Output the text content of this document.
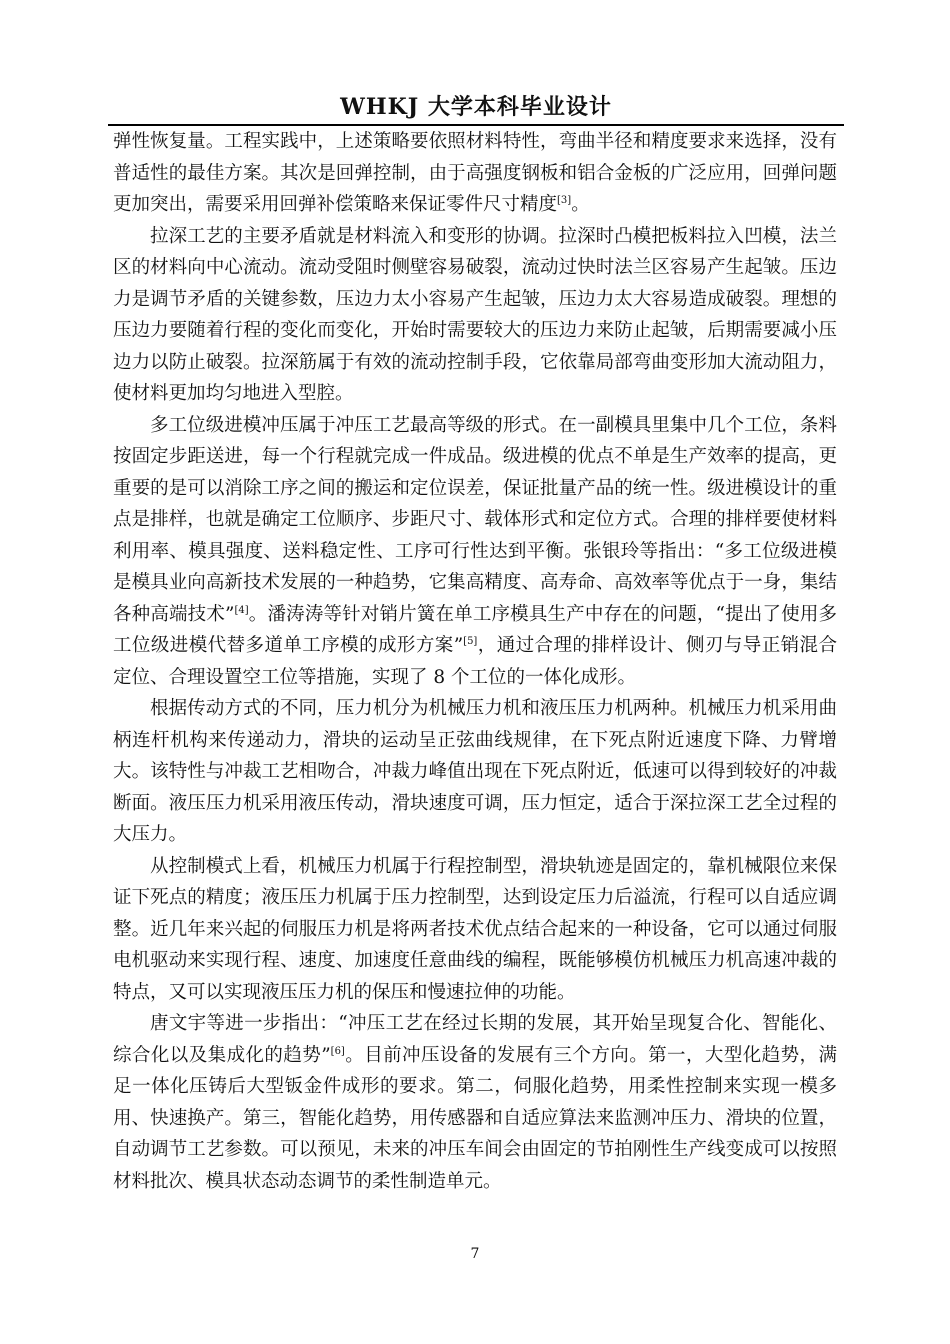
WHKJ 大学本科毕业设计

弹性恢复量。工程实践中，上述策略要依照材料特性，弯曲半径和精度要求来选择，没有普适性的最佳方案。其次是回弹控制，由于高强度钢板和铝合金板的广泛应用，回弹问题更加突出，需要采用回弹补偿策略来保证零件尺寸精度[3]。

拉深工艺的主要矛盾就是材料流入和变形的协调。拉深时凸模把板料拉入凹模，法兰区的材料向中心流动。流动受阻时侧壁容易破裂，流动过快时法兰区容易产生起皱。压边力是调节矛盾的关键参数，压边力太小容易产生起皱，压边力太大容易造成破裂。理想的压边力要随着行程的变化而变化，开始时需要较大的压边力来防止起皱，后期需要减小压边力以防止破裂。拉深筋属于有效的流动控制手段，它依靠局部弯曲变形加大流动阻力，使材料更加均匀地进入型腔。

多工位级进模冲压属于冲压工艺最高等级的形式。在一副模具里集中几个工位，条料按固定步距送进，每一个行程就完成一件成品。级进模的优点不单是生产效率的提高，更重要的是可以消除工序之间的搬运和定位误差，保证批量产品的统一性。级进模设计的重点是排样，也就是确定工位顺序、步距尺寸、载体形式和定位方式。合理的排样要使材料利用率、模具强度、送料稳定性、工序可行性达到平衡。张银玲等指出：“多工位级进模是模具业向高新技术发展的一种趋势，它集高精度、高寿命、高效率等优点于一身，集结各种高端技术”[4]。潘涛涛等针对销片簧在单工序模具生产中存在的问题，“提出了使用多工位级进模代替多道单工序模的成形方案”[5]，通过合理的排样设计、侧刃与导正销混合定位、合理设置空工位等措施，实现了 8 个工位的一体化成形。

根据传动方式的不同，压力机分为机械压力机和液压压力机两种。机械压力机采用曲柄连杆机构来传递动力，滑块的运动呈正弦曲线规律，在下死点附近速度下降、力臂增大。该特性与冲裁工艺相吻合，冲裁力峰值出现在下死点附近，低速可以得到较好的冲裁断面。液压压力机采用液压传动，滑块速度可调，压力恒定，适合于深拉深工艺全过程的大压力。

从控制模式上看，机械压力机属于行程控制型，滑块轨迹是固定的，靠机械限位来保证下死点的精度；液压压力机属于压力控制型，达到设定压力后溢流，行程可以自适应调整。近几年来兴起的伺服压力机是将两者技术优点结合起来的一种设备，它可以通过伺服电机驱动来实现行程、速度、加速度任意曲线的编程，既能够模仿机械压力机高速冲裁的特点，又可以实现液压压力机的保压和慢速拉伸的功能。

唐文宇等进一步指出：“冲压工艺在经过长期的发展，其开始呈现复合化、智能化、综合化以及集成化的趋势”[6]。目前冲压设备的发展有三个方向。第一，大型化趋势，满足一体化压铸后大型钣金件成形的要求。第二，伺服化趋势，用柔性控制来实现一模多用、快速换产。第三，智能化趋势，用传感器和自适应算法来监测冲压力、滑块的位置，自动调节工艺参数。可以预见，未来的冲压车间会由固定的节拍刚性生产线变成可以按照材料批次、模具状态动态调节的柔性制造单元。

7
